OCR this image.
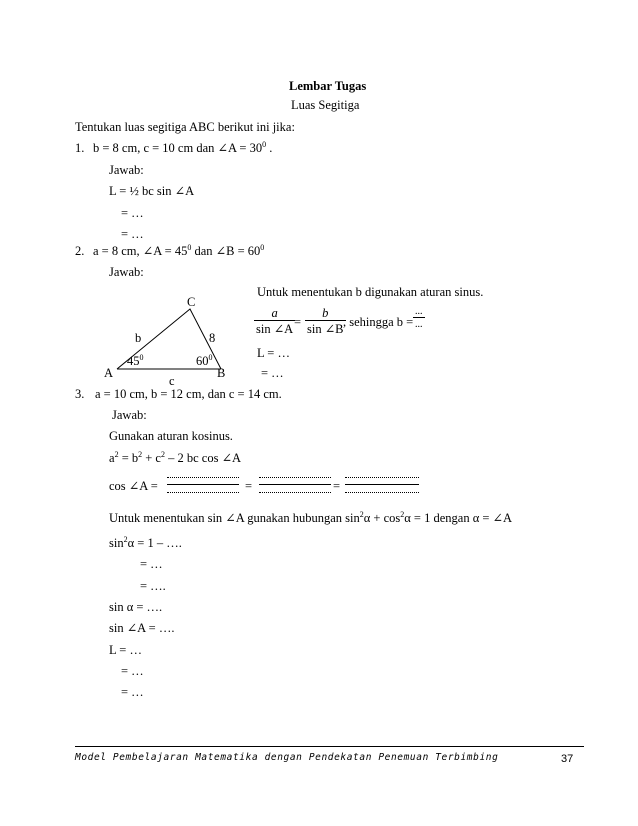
Lembar Tugas
Luas Segitiga
Tentukan luas segitiga ABC berikut ini jika:
1. b = 8 cm, c = 10 cm dan ∠A = $30^0$ .
Jawab:
L = ½ bc sin ∠A
= …
= …
2. a = 8 cm, ∠A = $45^0$ dan ∠B = $60^0$
Jawab:
C
A	B
b	8
c
$45^0$	$60^0$
Untuk menentukan b digunakan aturan sinus.
$\frac{a}{\sin \angle A}$
= $\frac{b}{\sin \angle B}$
, sehingga b =
...
...
L = …
= …
3. a = 10 cm, b = 12 cm, dan c = 14 cm.
Jawab:
Gunakan aturan kosinus.
$a^2 = b^2 + c^2 - 2$ bc cos ∠A
cos ∠A =	=	=
Untuk menentukan sin ∠A gunakan hubungan $\sin^2\alpha + \cos^2\alpha = 1$ dengan α = ∠A
$\sin^2\alpha = 1$ – ….
= …
= ….
sin α = ….
sin ∠A = ….
L = …
= …
= …
Model Pembelajaran Matematika dengan Pendekatan Penemuan Terbimbing	37
